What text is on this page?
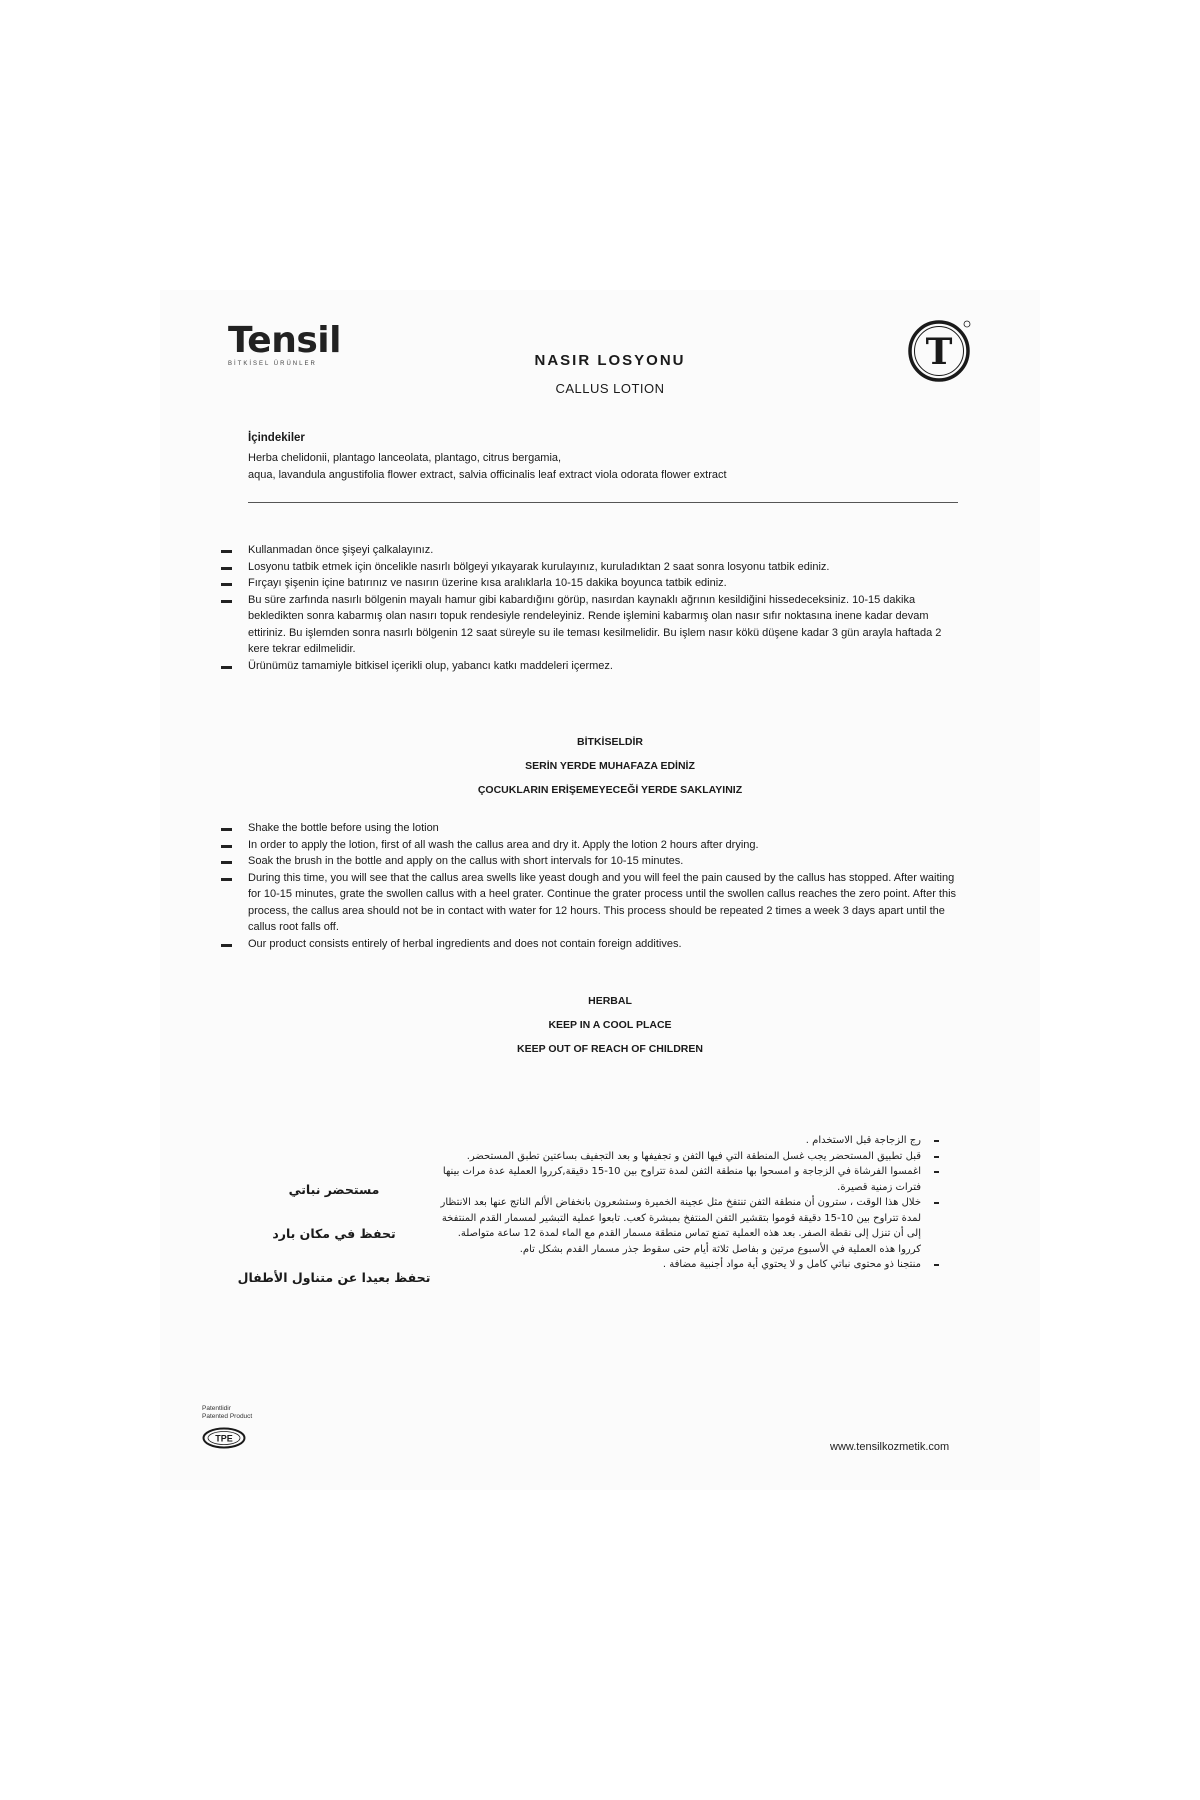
Tensil
BİTKİSEL ÜRÜNLER	NASIR LOSYONU
CALLUS LOTION
T
İçindekiler
Herba chelidonii, plantago lanceolata, plantago, citrus bergamia,
aqua, lavandula angustifolia flower extract, salvia officinalis leaf extract viola odorata flower extract
Kullanmadan önce şişeyi çalkalayınız.
Losyonu tatbik etmek için öncelikle nasırlı bölgeyi yıkayarak kurulayınız, kuruladıktan 2 saat sonra losyonu tatbik ediniz.
Fırçayı şişenin içine batırınız ve nasırın üzerine kısa aralıklarla 10-15 dakika boyunca tatbik ediniz.
Bu süre zarfında nasırlı bölgenin mayalı hamur gibi kabardığını görüp, nasırdan kaynaklı ağrının kesildiğini hissedeceksiniz. 10-15 dakika bekledikten sonra kabarmış olan nasırı topuk rendesiyle rendeleyiniz. Rende işlemini kabarmış olan nasır sıfır noktasına inene kadar devam ettiriniz. Bu işlemden sonra nasırlı bölgenin 12 saat süreyle su ile teması kesilmelidir. Bu işlem nasır kökü düşene kadar 3 gün arayla haftada 2 kere tekrar edilmelidir.
Ürünümüz tamamiyle bitkisel içerikli olup, yabancı katkı maddeleri içermez.
BİTKİSELDİR
SERİN YERDE MUHAFAZA EDİNİZ
ÇOCUKLARIN ERİŞEMEYECEĞİ YERDE SAKLAYINIZ
Shake the bottle before using the lotion
In order to apply the lotion, first of all wash the callus area and dry it. Apply the lotion 2 hours after drying.
Soak the brush in the bottle and apply on the callus with short intervals for 10-15 minutes.
During this time, you will see that the callus area swells like yeast dough and you will feel the pain caused by the callus has stopped. After waiting for 10-15 minutes, grate the swollen callus with a heel grater. Continue the grater process until the swollen callus reaches the zero point. After this process, the callus area should not be in contact with water for 12 hours. This process should be repeated 2 times a week 3 days apart until the callus root falls off.
Our product consists entirely of herbal ingredients and does not contain foreign additives.
HERBAL
KEEP IN A COOL PLACE
KEEP OUT OF REACH OF CHILDREN
مستحضر نباتي
تحفظ في مكان بارد
تحفظ بعيدا عن متناول الأطفال
رج الزجاجة قبل الاستخدام .
قبل تطبيق المستحضر يجب غسل المنطقة التي فيها الثفن و تجفيفها و بعد التجفيف بساعتين تطبق المستحضر.
اغمسوا الفرشاة في الزجاجة و امسحوا بها منطقة الثفن لمدة تتراوح بين 10-15 دقيقة,كرروا العملية عدة مرات بينها فترات زمنية قصيرة.
خلال هذا الوقت ، سترون أن منطقة الثفن تنتفخ مثل عجينة الخميرة وستشعرون بانخفاض الألم الناتج عنها بعد الانتظار لمدة تتراوح بين 10-15 دقيقة قوموا بتقشير الثفن المنتفخ بمبشرة كعب. تابعوا عملية التبشير لمسمار القدم المنتفخة إلى أن تنزل إلى نقطة الصفر. بعد هذه العملية تمنع تماس منطقة مسمار القدم مع الماء لمدة 12 ساعة متواصلة. كرروا هذه العملية في الأسبوع مرتين و بفاصل ثلاثة أيام حتى سقوط جذر مسمار القدم بشكل تام.
منتجنا ذو محتوى نباتي كامل و لا يحتوي أية مواد أجنبية مضافة .
Patentlidir
Patented Product
TPE
www.tensilkozmetik.com
